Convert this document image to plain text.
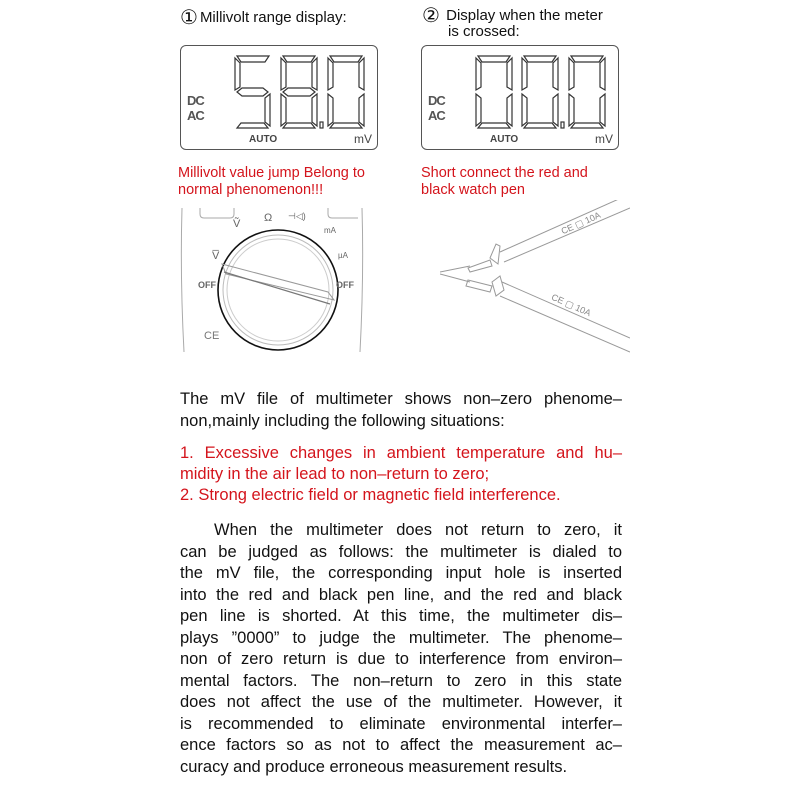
① Millivolt range display:
DC
AC
AUTO	mV
Millivolt value jump Belong to
normal phenomenon!!!
② Display when the meter
is crossed:
DC
AC
AUTO	mV
Short connect the red and
black watch pen
Ṽ Ω ⊣◁)
mA
µA
V̅
OFF	OFF
CE
CE ▢ 10A
CE ▢ 10A
The mV file of multimeter shows non–zero phenome–
non,mainly including the following situations:
1. Excessive changes in ambient temperature and hu–
midity in the air lead to non–return to zero;
2. Strong electric field or magnetic field interference.
When the multimeter does not return to zero, it
can be judged as follows: the multimeter is dialed to
the mV file, the corresponding input hole is inserted
into the red and black pen line, and the red and black
pen line is shorted. At this time, the multimeter dis–
plays ”0000” to judge the multimeter. The phenome–
non of zero return is due to interference from environ–
mental factors. The non–return to zero in this state
does not affect the use of the multimeter. However, it
is recommended to eliminate environmental interfer–
ence factors so as not to affect the measurement ac–
curacy and produce erroneous measurement results.
